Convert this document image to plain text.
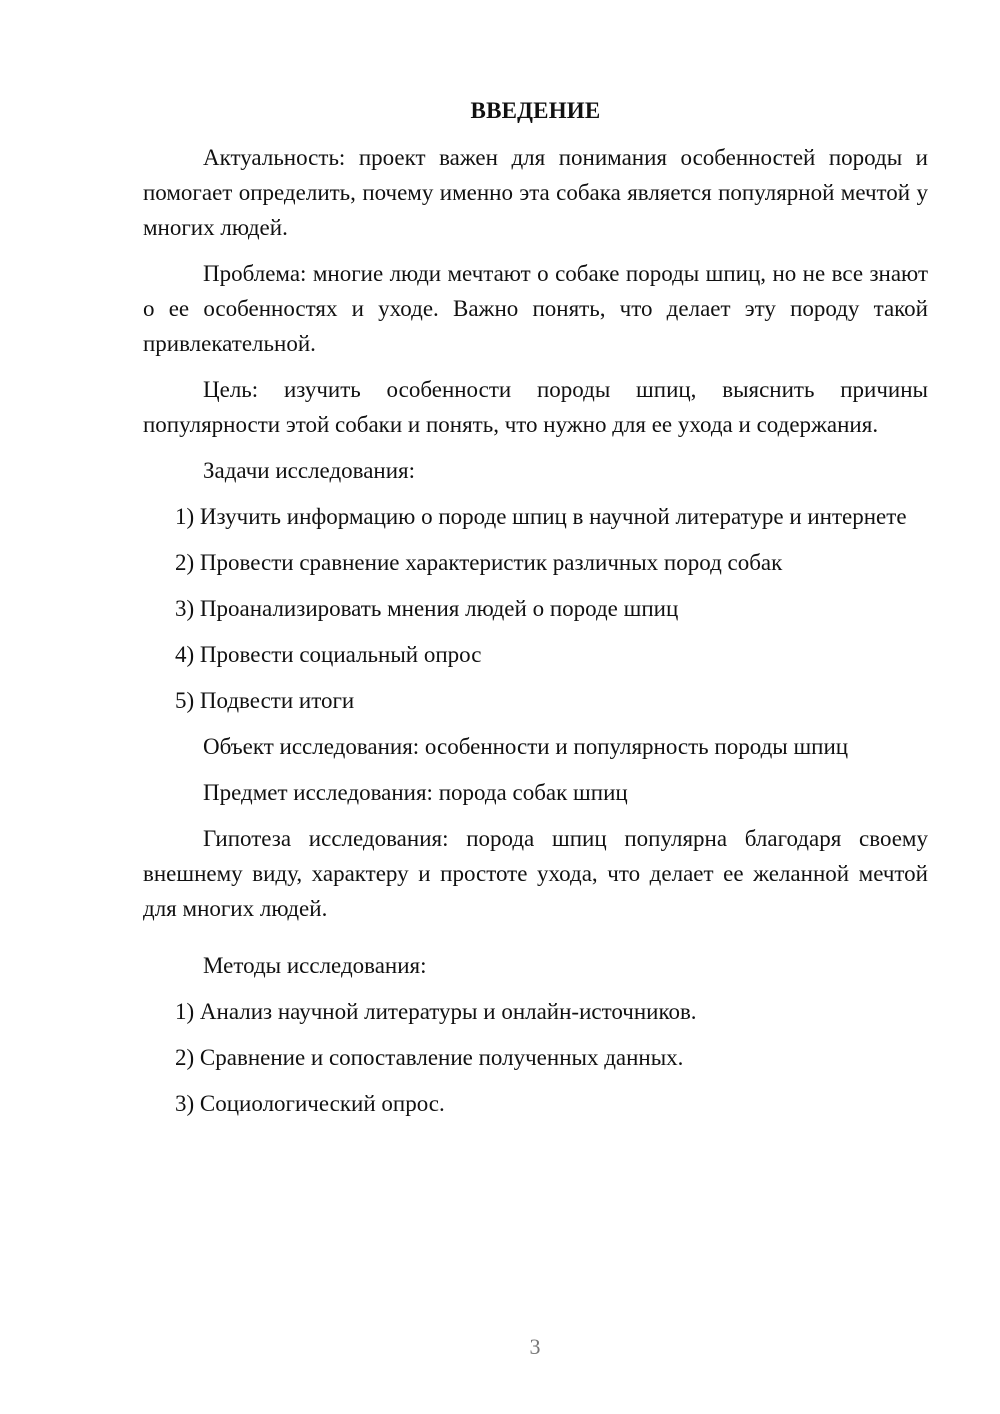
ВВЕДЕНИЕ

Актуальность: проект важен для понимания особенностей породы и помогает определить, почему именно эта собака является популярной мечтой у многих людей.

Проблема: многие люди мечтают о собаке породы шпиц, но не все знают о ее особенностях и уходе. Важно понять, что делает эту породу такой привлекательной.

Цель: изучить особенности породы шпиц, выяснить причины популярности этой собаки и понять, что нужно для ее ухода и содержания.

Задачи исследования:

1) Изучить информацию о породе шпиц в научной литературе и интернете

2) Провести сравнение характеристик различных пород собак

3) Проанализировать мнения людей о породе шпиц

4) Провести социальный опрос

5) Подвести итоги

Объект исследования: особенности и популярность породы шпиц

Предмет исследования: порода собак шпиц

Гипотеза исследования: порода шпиц популярна благодаря своему внешнему виду, характеру и простоте ухода, что делает ее желанной мечтой для многих людей.

Методы исследования:

1) Анализ научной литературы и онлайн-источников.

2) Сравнение и сопоставление полученных данных.

3) Социологический опрос.

3
